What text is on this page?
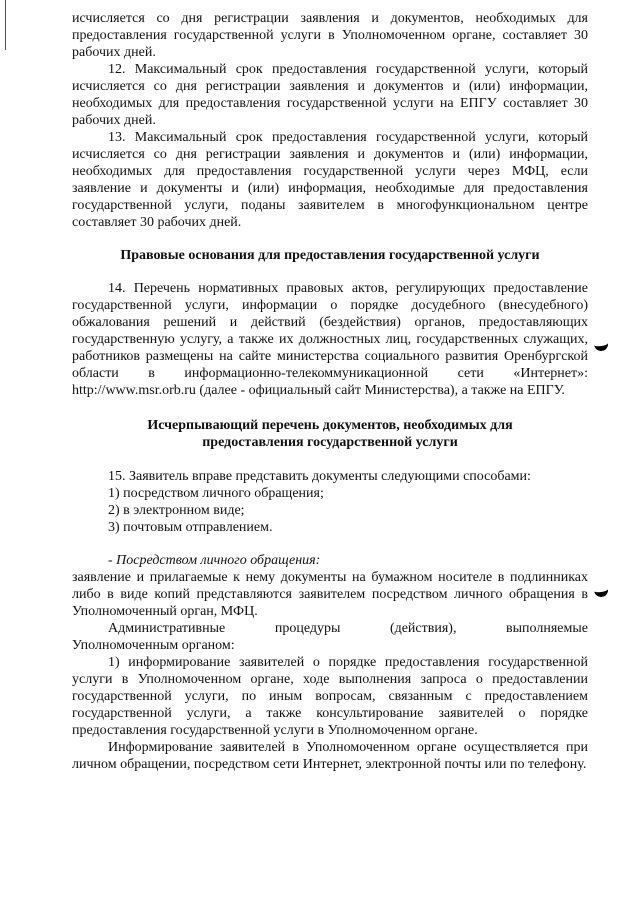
исчисляется со дня регистрации заявления и документов, необходимых для предоставления государственной услуги в Уполномоченном органе, составляет 30 рабочих дней.

12. Максимальный срок предоставления государственной услуги, который исчисляется со дня регистрации заявления и документов и (или) информации, необходимых для предоставления государственной услуги на ЕПГУ составляет 30 рабочих дней.

13. Максимальный срок предоставления государственной услуги, который исчисляется со дня регистрации заявления и документов и (или) информации, необходимых для предоставления государственной услуги через МФЦ, если заявление и документы и (или) информация, необходимые для предоставления государственной услуги, поданы заявителем в многофункциональном центре составляет 30 рабочих дней.

Правовые основания для предоставления государственной услуги

14. Перечень нормативных правовых актов, регулирующих предоставление государственной услуги, информации о порядке досудебного (внесудебного) обжалования решений и действий (бездействия) органов, предоставляющих государственную услугу, а также их должностных лиц, государственных служащих, работников размещены на сайте министерства социального развития Оренбургской области в информационно-телекоммуникационной сети «Интернет»: http://www.msr.orb.ru (далее - официальный сайт Министерства), а также на ЕПГУ.

Исчерпывающий перечень документов, необходимых для предоставления государственной услуги

15. Заявитель вправе представить документы следующими способами:

1) посредством личного обращения;

2) в электронном виде;

3) почтовым отправлением.

- Посредством личного обращения:

заявление и прилагаемые к нему документы на бумажном носителе в подлинниках либо в виде копий представляются заявителем посредством личного обращения в Уполномоченный орган, МФЦ.

Административные	процедуры	(действия),	выполняемые

Уполномоченным органом:

1) информирование заявителей о порядке предоставления государственной услуги в Уполномоченном органе, ходе выполнения запроса о предоставлении государственной услуги, по иным вопросам, связанным с предоставлением государственной услуги, а также консультирование заявителей о порядке предоставления государственной услуги в Уполномоченном органе.

Информирование заявителей в Уполномоченном органе осуществляется при личном обращении, посредством сети Интернет, электронной почты или по телефону.
